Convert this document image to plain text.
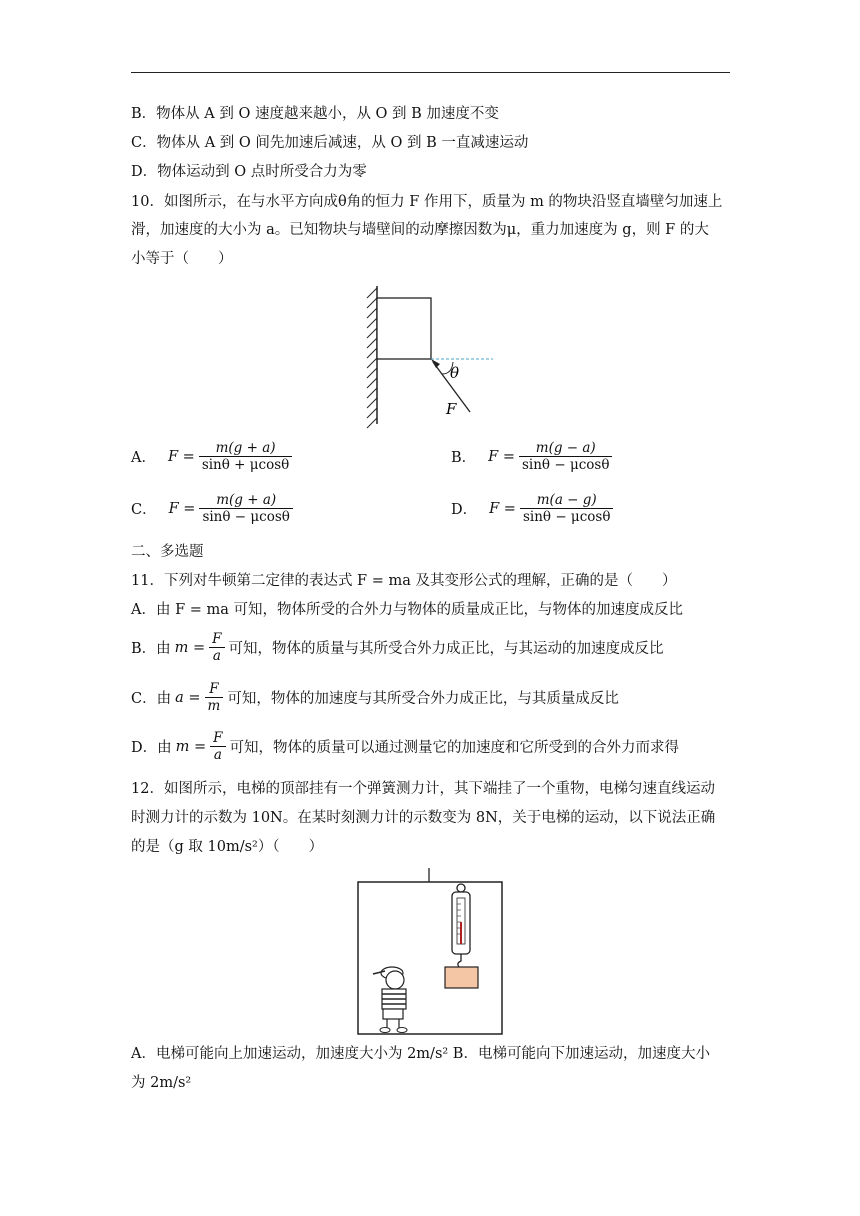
B．物体从 A 到 O 速度越来越小，从 O 到 B 加速度不变
C．物体从 A 到 O 间先加速后减速，从 O 到 B 一直减速运动
D．物体运动到 O 点时所受合力为零
10．如图所示，在与水平方向成θ角的恒力 F 作用下，质量为 m 的物块沿竖直墙壁匀加速上
滑，加速度的大小为 a。已知物块与墙壁间的动摩擦因数为μ，重力加速度为 g，则 F 的大
小等于（　　）
θ
F
A． $F = \frac{m(g + a)}{\sin\theta + \mu\cos\theta}$	B． $F = \frac{m(g - a)}{\sin\theta - \mu\cos\theta}$
C． $F = \frac{m(g + a)}{\sin\theta - \mu\cos\theta}$	D． $F = \frac{m(a - g)}{\sin\theta - \mu\cos\theta}$
二、多选题
11．下列对牛顿第二定律的表达式 F = ma 及其变形公式的理解，正确的是（　　）
A．由 F = ma 可知，物体所受的合外力与物体的质量成正比，与物体的加速度成反比
B．由 $m = \frac{F}{a}$ 可知，物体的质量与其所受合外力成正比，与其运动的加速度成反比
C．由 $a = \frac{F}{m}$ 可知，物体的加速度与其所受合外力成正比，与其质量成反比
D．由 $m = \frac{F}{a}$ 可知，物体的质量可以通过测量它的加速度和它所受到的合外力而求得
12．如图所示，电梯的顶部挂有一个弹簧测力计，其下端挂了一个重物，电梯匀速直线运动
时测力计的示数为 10N。在某时刻测力计的示数变为 8N，关于电梯的运动，以下说法正确
的是（g 取 10m/s²）（　　）
A．电梯可能向上加速运动，加速度大小为 2m/s² B．电梯可能向下加速运动，加速度大小
为 2m/s²
